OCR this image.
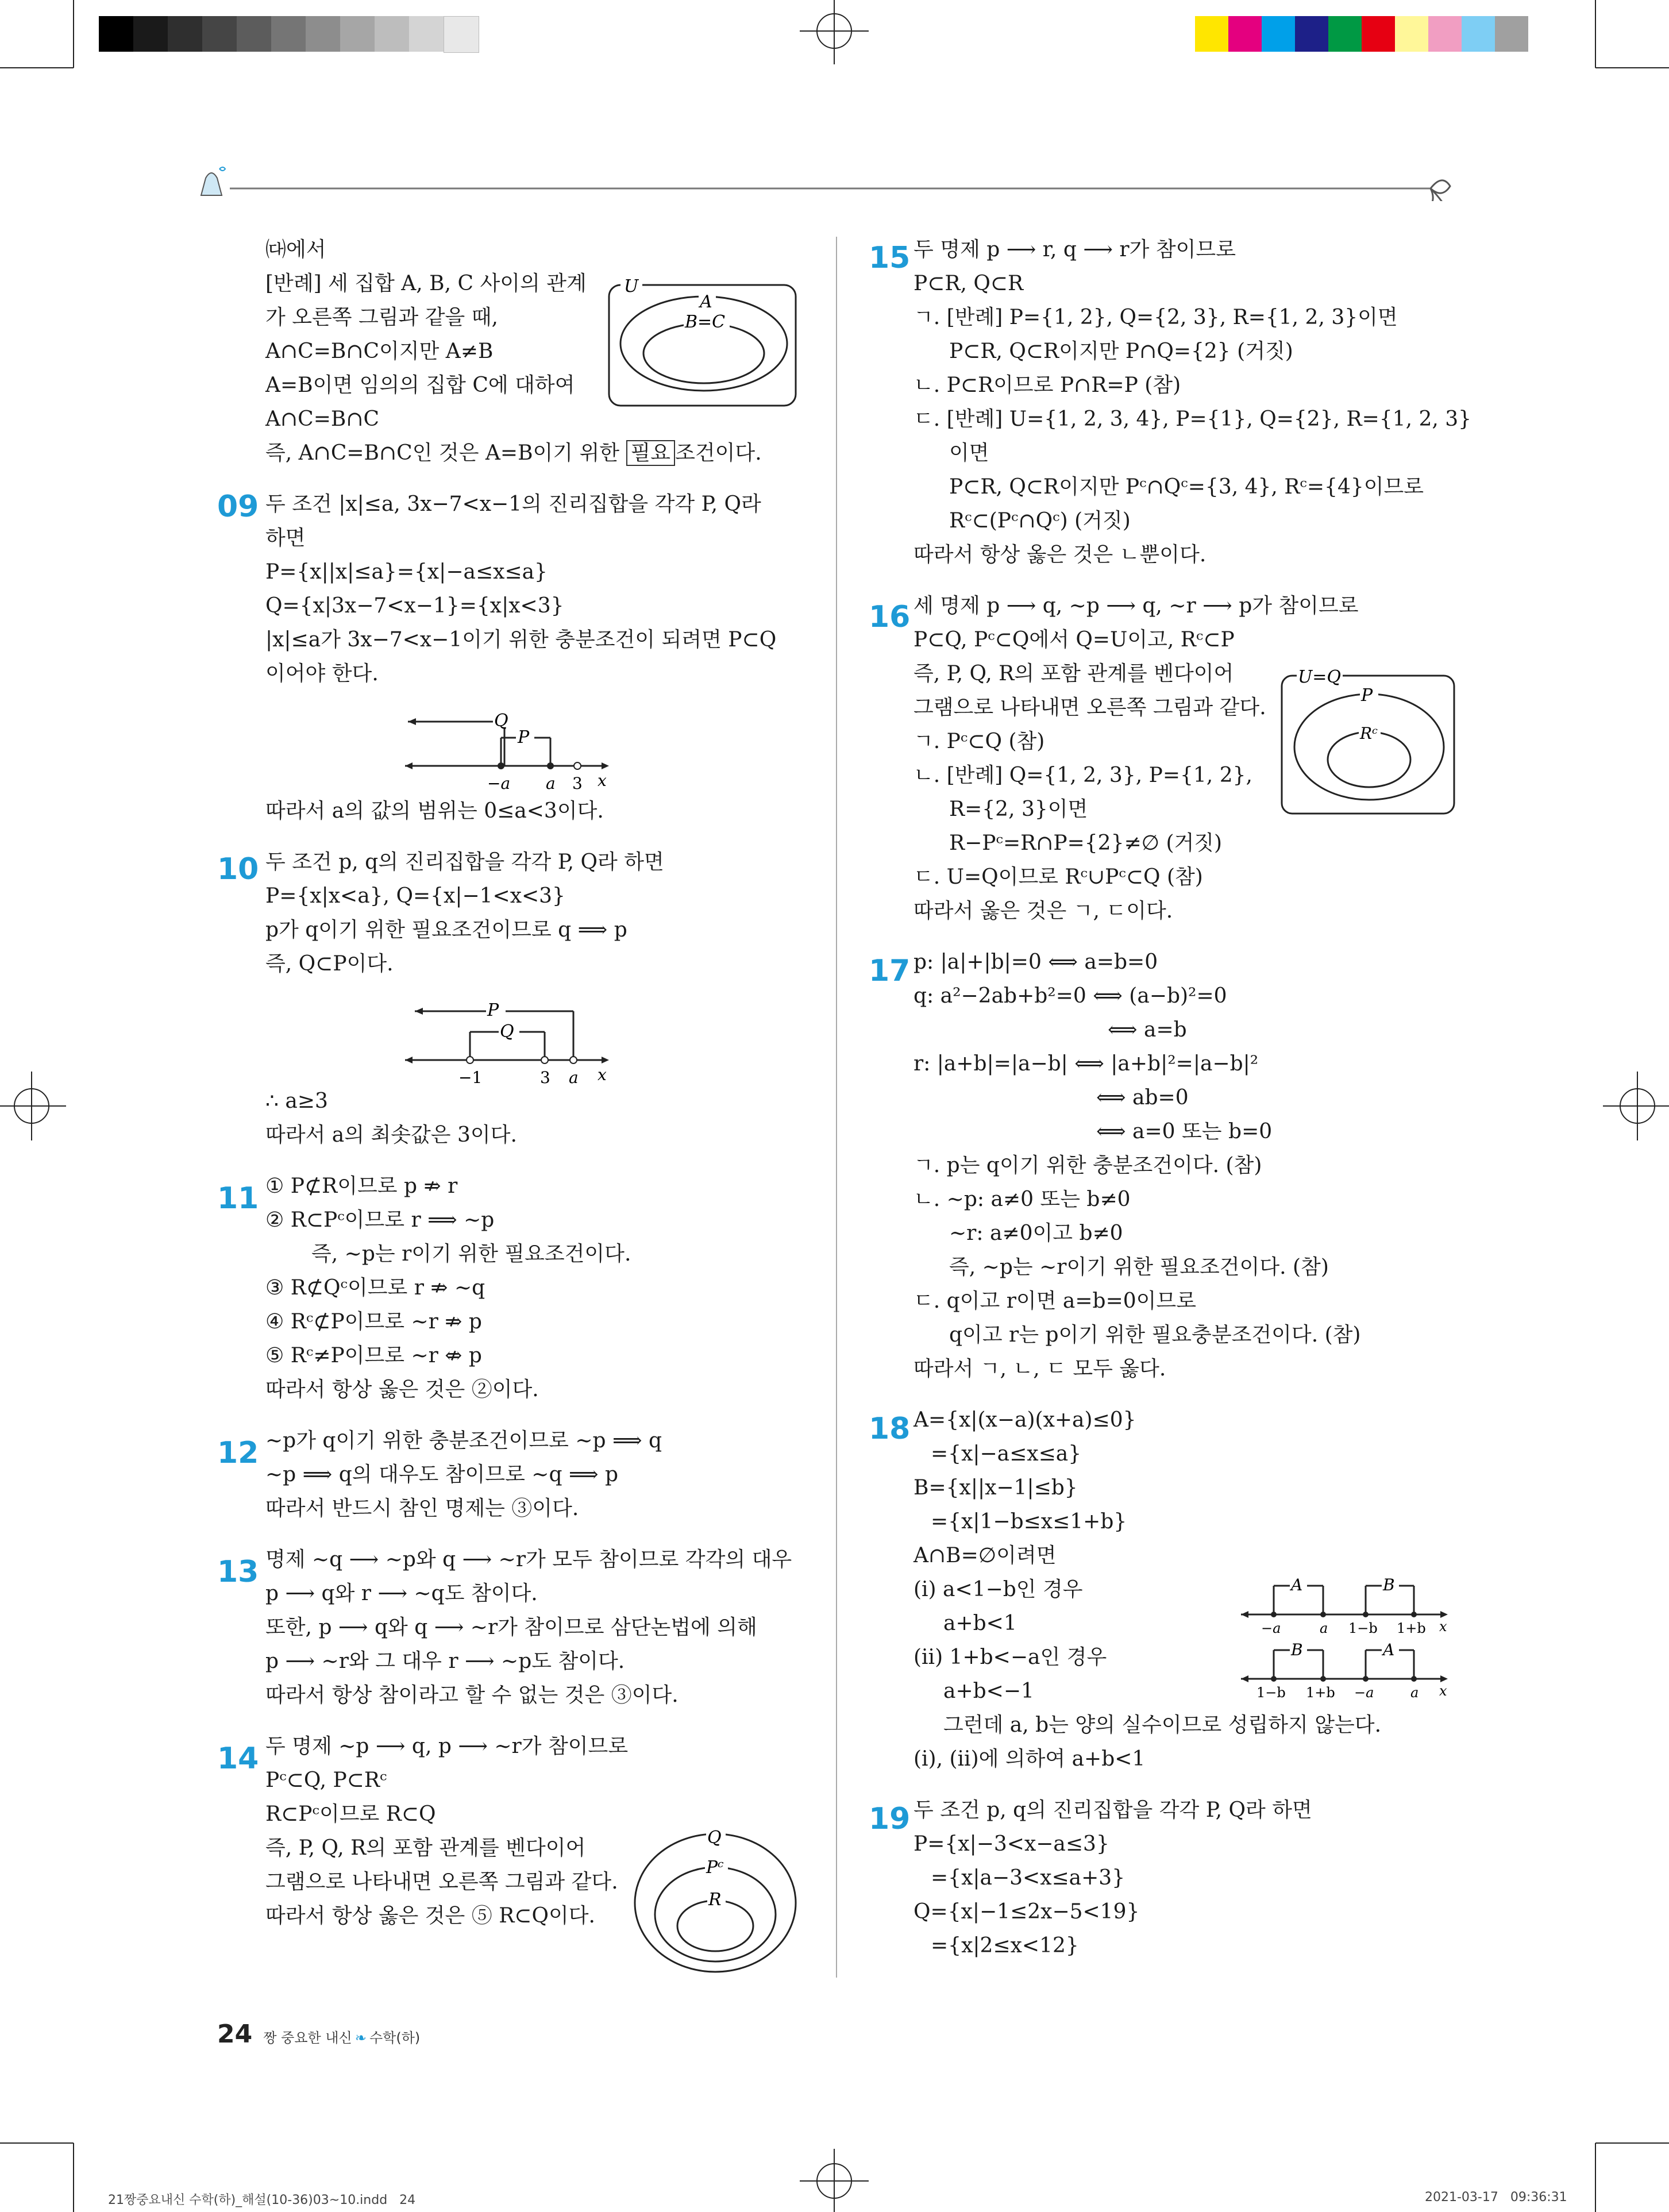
㈐에서
[반례] 세 집합 A, B, C 사이의 관계
가 오른쪽 그림과 같을 때,
A∩C=B∩C이지만 A≠B
A=B이면 임의의 집합 C에 대하여
A∩C=B∩C
즉, A∩C=B∩C인 것은 A=B이기 위한 필요 조건이다.
두 조건 |x|≤a, 3x−7<x−1의 진리집합을 각각 P, Q라
하면
P={x||x|≤a}={x|−a≤x≤a}
Q={x|3x−7<x−1}={x|x<3}
|x|≤a가 3x−7<x−1이기 위한 충분조건이 되려면 P⊂Q
이어야 한다.
따라서 a의 값의 범위는 0≤a<3이다.
두 조건 p, q의 진리집합을 각각 P, Q라 하면
P={x|x<a}, Q={x|−1<x<3}
p가 q이기 위한 필요조건이므로 q ⟹ p
즉, Q⊂P이다.
∴ a≥3
따라서 a의 최솟값은 3이다.
① P⊄R이므로 p ⇏ r
② R⊂Pᶜ이므로 r ⟹ ∼p
즉, ∼p는 r이기 위한 필요조건이다.
③ R⊄Qᶜ이므로 r ⇏ ∼q
④ Rᶜ⊄P이므로 ∼r ⇏ p
⑤ Rᶜ≠P이므로 ∼r ⇎ p
따라서 항상 옳은 것은 ②이다.
∼p가 q이기 위한 충분조건이므로 ∼p ⟹ q
∼p ⟹ q의 대우도 참이므로 ∼q ⟹ p
따라서 반드시 참인 명제는 ③이다.
명제 ∼q ⟶ ∼p와 q ⟶ ∼r가 모두 참이므로 각각의 대우
p ⟶ q와 r ⟶ ∼q도 참이다.
또한, p ⟶ q와 q ⟶ ∼r가 참이므로 삼단논법에 의해
p ⟶ ∼r와 그 대우 r ⟶ ∼p도 참이다.
따라서 항상 참이라고 할 수 없는 것은 ③이다.
두 명제 ∼p ⟶ q, p ⟶ ∼r가 참이므로
Pᶜ⊂Q, P⊂Rᶜ
R⊂Pᶜ이므로 R⊂Q
즉, P, Q, R의 포함 관계를 벤다이어
그램으로 나타내면 오른쪽 그림과 같다.
따라서 항상 옳은 것은 ⑤ R⊂Q이다.
09
10
11
12
13
14
U
A
B=C
Q
P
−a a 3 x
P
Q
−1	3 a x
Q
Pᶜ
R
두 명제 p ⟶ r, q ⟶ r가 참이므로
P⊂R, Q⊂R
ㄱ. [반례] P={1, 2}, Q={2, 3}, R={1, 2, 3}이면
P⊂R, Q⊂R이지만 P∩Q={2} (거짓)
ㄴ. P⊂R이므로 P∩R=P (참)
ㄷ. [반례] U={1, 2, 3, 4}, P={1}, Q={2}, R={1, 2, 3}
이면
P⊂R, Q⊂R이지만 Pᶜ∩Qᶜ={3, 4}, Rᶜ={4}이므로
Rᶜ⊂(Pᶜ∩Qᶜ) (거짓)
따라서 항상 옳은 것은 ㄴ뿐이다.
세 명제 p ⟶ q, ∼p ⟶ q, ∼r ⟶ p가 참이므로
P⊂Q, Pᶜ⊂Q에서 Q=U이고, Rᶜ⊂P
즉, P, Q, R의 포함 관계를 벤다이어
그램으로 나타내면 오른쪽 그림과 같다.
ㄱ. Pᶜ⊂Q (참)
ㄴ. [반례] Q={1, 2, 3}, P={1, 2},
R={2, 3}이면
R−Pᶜ=R∩P={2}≠∅ (거짓)
ㄷ. U=Q이므로 Rᶜ∪Pᶜ⊂Q (참)
따라서 옳은 것은 ㄱ, ㄷ이다.
p: |a|+|b|=0 ⟺ a=b=0
q: a²−2ab+b²=0 ⟺ (a−b)²=0
⟺ a=b
r: |a+b|=|a−b| ⟺ |a+b|²=|a−b|²
⟺ ab=0
⟺ a=0 또는 b=0
ㄱ. p는 q이기 위한 충분조건이다. (참)
ㄴ. ∼p: a≠0 또는 b≠0
∼r: a≠0이고 b≠0
즉, ∼p는 ∼r이기 위한 필요조건이다. (참)
ㄷ. q이고 r이면 a=b=0이므로
q이고 r는 p이기 위한 필요충분조건이다. (참)
따라서 ㄱ, ㄴ, ㄷ 모두 옳다.
A={x|(x−a)(x+a)≤0}
={x|−a≤x≤a}
B={x||x−1|≤b}
={x|1−b≤x≤1+b}
A∩B=∅이려면
(ⅰ) a<1−b인 경우
a+b<1
(ⅱ) 1+b<−a인 경우
a+b<−1
그런데 a, b는 양의 실수이므로 성립하지 않는다.
(ⅰ), (ⅱ)에 의하여 a+b<1
두 조건 p, q의 진리집합을 각각 P, Q라 하면
P={x|−3<x−a≤3}
={x|a−3<x≤a+3}
Q={x|−1≤2x−5<19}
={x|2≤x<12}
15
16
17
18
19
U=Q
P
Rᶜ
A	B
−a	a 1−b 1+b x
B	A
1−b 1+b −a	a x
24 짱 중요한 내신 ❧ 수학(하)
21짱중요내신 수학(하)_해설(10-36)03~10.indd   24	2021-03-17   09:36:31
